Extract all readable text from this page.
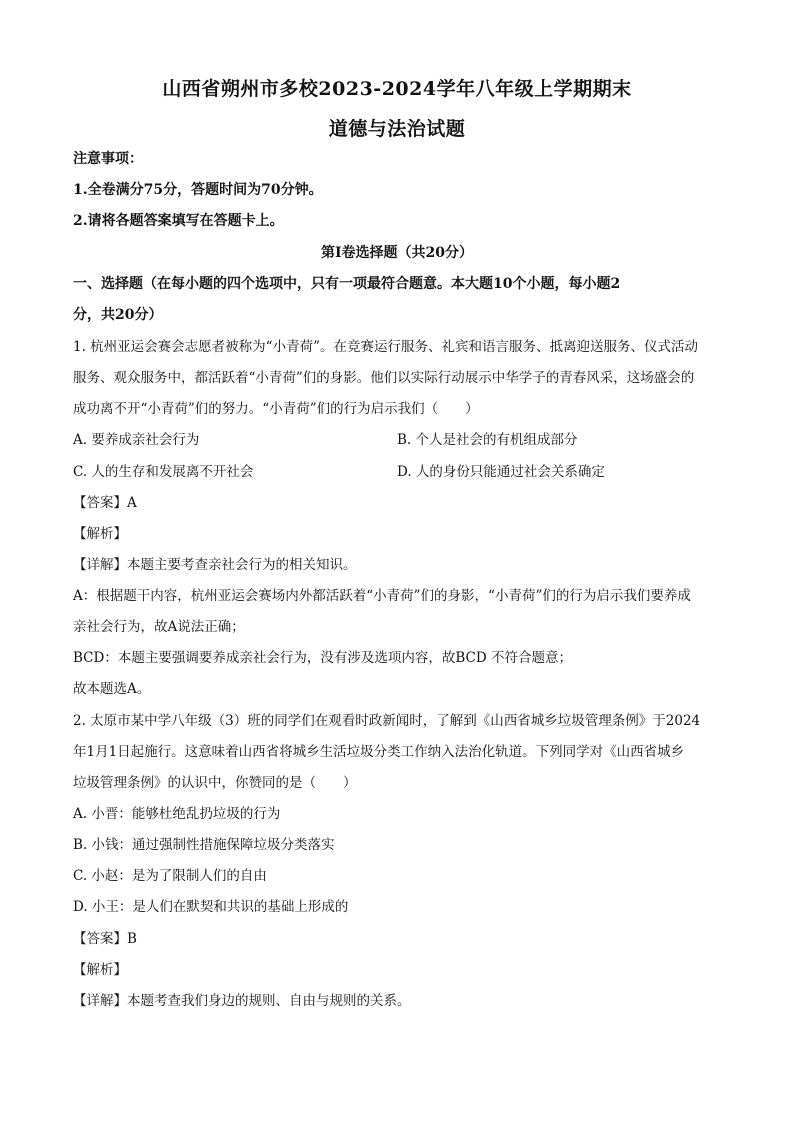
山西省朔州市多校2023-2024学年八年级上学期期末
道德与法治试题
注意事项：
1.全卷满分75分，答题时间为70分钟。
2.请将各题答案填写在答题卡上。
第Ⅰ卷选择题（共20分）
一、选择题（在每小题的四个选项中，只有一项最符合题意。本大题10个小题，每小题2
分，共20分）
1. 杭州亚运会赛会志愿者被称为“小青荷”。在竞赛运行服务、礼宾和语言服务、抵离迎送服务、仪式活动
服务、观众服务中，都活跃着“小青荷”们的身影。他们以实际行动展示中华学子的青春风采，这场盛会的
成功离不开“小青荷”们的努力。“小青荷”们的行为启示我们（　　）
A. 要养成亲社会行为	B. 个人是社会的有机组成部分
C. 人的生存和发展离不开社会	D. 人的身份只能通过社会关系确定
【答案】A
【解析】
【详解】本题主要考查亲社会行为的相关知识。
A：根据题干内容，杭州亚运会赛场内外都活跃着“小青荷”们的身影，“小青荷”们的行为启示我们要养成
亲社会行为，故A说法正确；
BCD：本题主要强调要养成亲社会行为，没有涉及选项内容，故BCD 不符合题意；
故本题选A。
2. 太原市某中学八年级（3）班的同学们在观看时政新闻时，了解到《山西省城乡垃圾管理条例》于2024
年1月1日起施行。这意味着山西省将城乡生活垃圾分类工作纳入法治化轨道。下列同学对《山西省城乡
垃圾管理条例》的认识中，你赞同的是（　　）
A. 小晋：能够杜绝乱扔垃圾的行为
B. 小钱：通过强制性措施保障垃圾分类落实
C. 小赵：是为了限制人们的自由
D. 小王：是人们在默契和共识的基础上形成的
【答案】B
【解析】
【详解】本题考查我们身边的规则、自由与规则的关系。
